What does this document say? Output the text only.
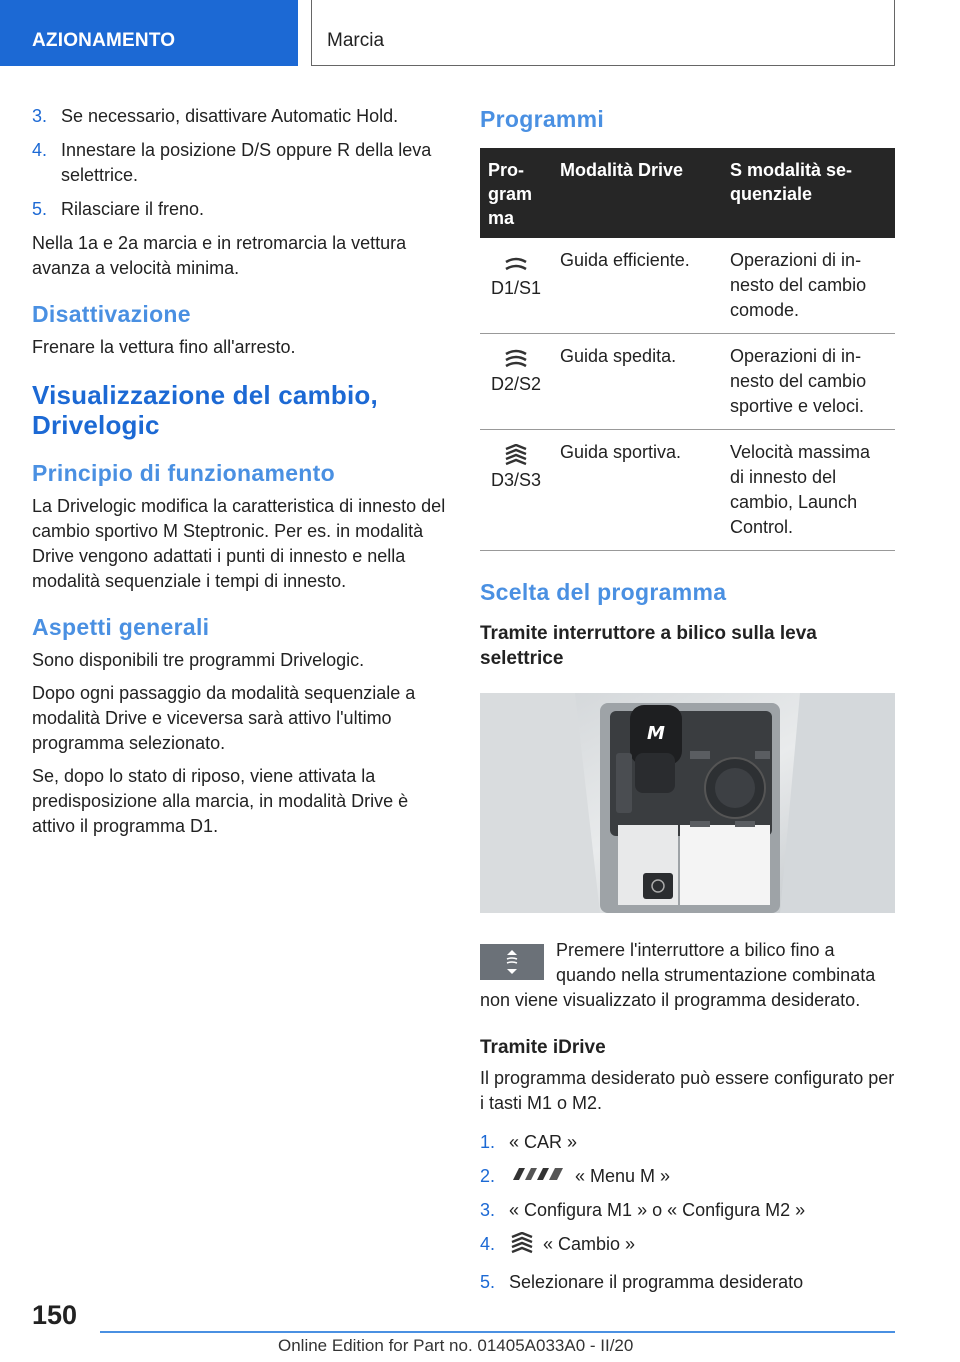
AZIONAMENTO	Marcia
3. Se necessario, disattivare Automatic Hold.
4. Innestare la posizione D/S oppure R della leva selettrice.
5. Rilasciare il freno.

Nella 1a e 2a marcia e in retromarcia la vettura avanza a velocità minima.

Disattivazione

Frenare la vettura fino all'arresto.

Visualizzazione del cambio, Drivelogic
Principio di funzionamento

La Drivelogic modifica la caratteristica di innesto del cambio sportivo M Steptronic. Per es. in modalità Drive vengono adattati i punti di innesto e nella modalità sequenziale i tempi di innesto.

Aspetti generali

Sono disponibili tre programmi Drivelogic.

Dopo ogni passaggio da modalità sequenziale a modalità Drive e viceversa sarà attivo l'ultimo programma selezionato.

Se, dopo lo stato di riposo, viene attivata la predisposizione alla marcia, in modalità Drive è attivo il programma D1.

Programmi
Pro-gram ma	Modalità Drive	S modalità se-quenziale

D1/S1	Guida efficiente.	Operazioni di in-nesto del cambio comode.

D2/S2	Guida spedita.	Operazioni di in-nesto del cambio sportive e veloci.

D3/S3	Guida sportiva.	Velocità massima di innesto del cambio, Launch Control.
Scelta del programma
Tramite interruttore a bilico sulla leva selettrice
M

Premere l'interruttore a bilico fino a quando nella strumentazione combinata non viene visualizzato il programma desiderato.

Tramite iDrive

Il programma desiderato può essere configurato per i tasti M1 o M2.

1. « CAR »
2.	« Menu M »
3. « Configura M1 » o « Configura M2 »
4.	« Cambio »
5. Selezionare il programma desiderato
150
Online Edition for Part no. 01405A033A0 - II/20
